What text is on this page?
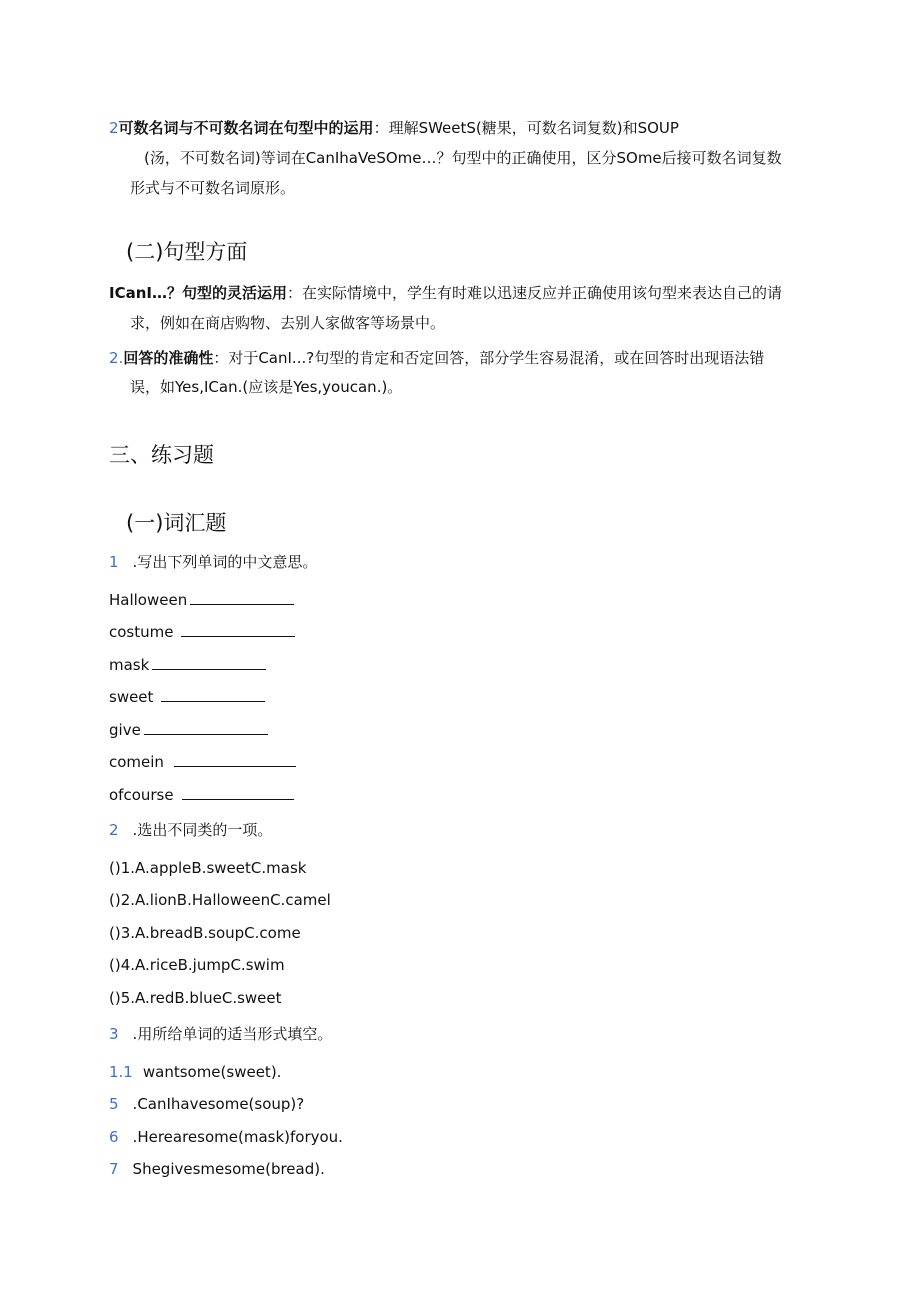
2可数名词与不可数名词在句型中的运用：理解SWeetS(糖果，可数名词复数)和SOUP
(汤，不可数名词)等词在CanIhaVeSOme…？句型中的正确使用，区分SOme后接可数名词复数
形式与不可数名词原形。
(二)句型方面
ICanI…？句型的灵活运用：在实际情境中，学生有时难以迅速反应并正确使用该句型来表达自己的请
求，例如在商店购物、去别人家做客等场景中。
2.回答的准确性：对于CanI...?句型的肯定和否定回答，部分学生容易混淆，或在回答时出现语法错
误，如Yes,ICan.(应该是Yes,youcan.)。
三、练习题
(一)词汇题
1 .写出下列单词的中文意思。
Halloween
costume
mask
sweet
give
comein
ofcourse
2 .选出不同类的一项。
()1.A.appleB.sweetC.mask
()2.A.lionB.HalloweenC.camel
()3.A.breadB.soupC.come
()4.A.riceB.jumpC.swim
()5.A.redB.blueC.sweet
3 .用所给单词的适当形式填空。
1.1 wantsome(sweet).
5 .CanIhavesome(soup)?
6 .Herearesome(mask)foryou.
7 Shegivesmesome(bread).
